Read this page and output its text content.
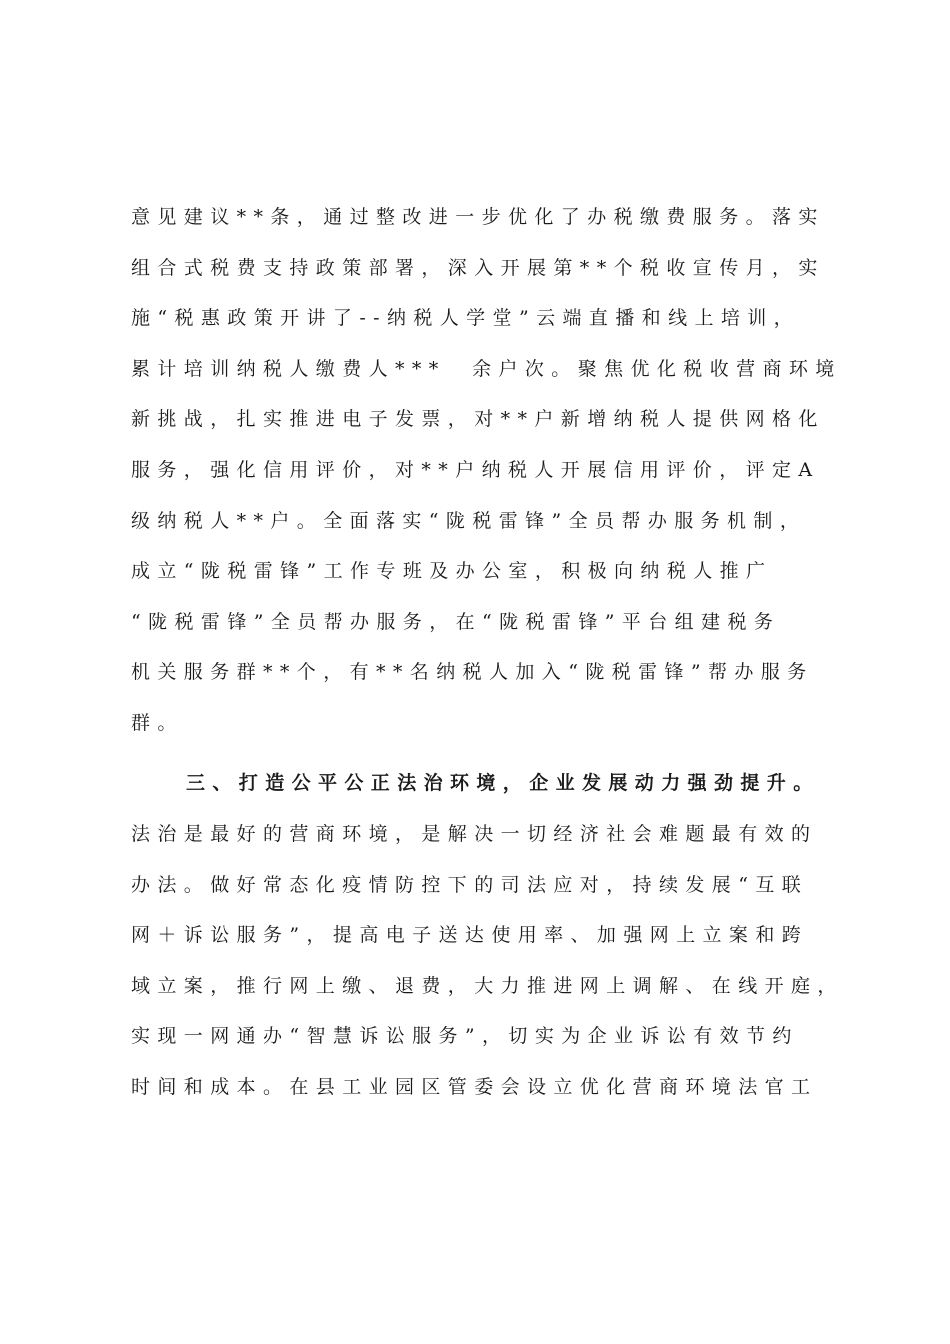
意见建议**条，通过整改进一步优化了办税缴费服务。落实
组合式税费支持政策部署，深入开展第**个税收宣传月，实
施“税惠政策开讲了--纳税人学堂”云端直播和线上培训，
累计培训纳税人缴费人***　余户次。聚焦优化税收营商环境
新挑战，扎实推进电子发票，对**户新增纳税人提供网格化
服务，强化信用评价，对**户纳税人开展信用评价，评定A
级纳税人**户。全面落实“陇税雷锋”全员帮办服务机制，
成立“陇税雷锋”工作专班及办公室，积极向纳税人推广
“陇税雷锋”全员帮办服务，在“陇税雷锋”平台组建税务
机关服务群**个，有**名纳税人加入“陇税雷锋”帮办服务
群。
三、打造公平公正法治环境，企业发展动力强劲提升。
法治是最好的营商环境，是解决一切经济社会难题最有效的
办法。做好常态化疫情防控下的司法应对，持续发展“互联
网＋诉讼服务”，提高电子送达使用率、加强网上立案和跨
域立案，推行网上缴、退费，大力推进网上调解、在线开庭，
实现一网通办“智慧诉讼服务”，切实为企业诉讼有效节约
时间和成本。在县工业园区管委会设立优化营商环境法官工
